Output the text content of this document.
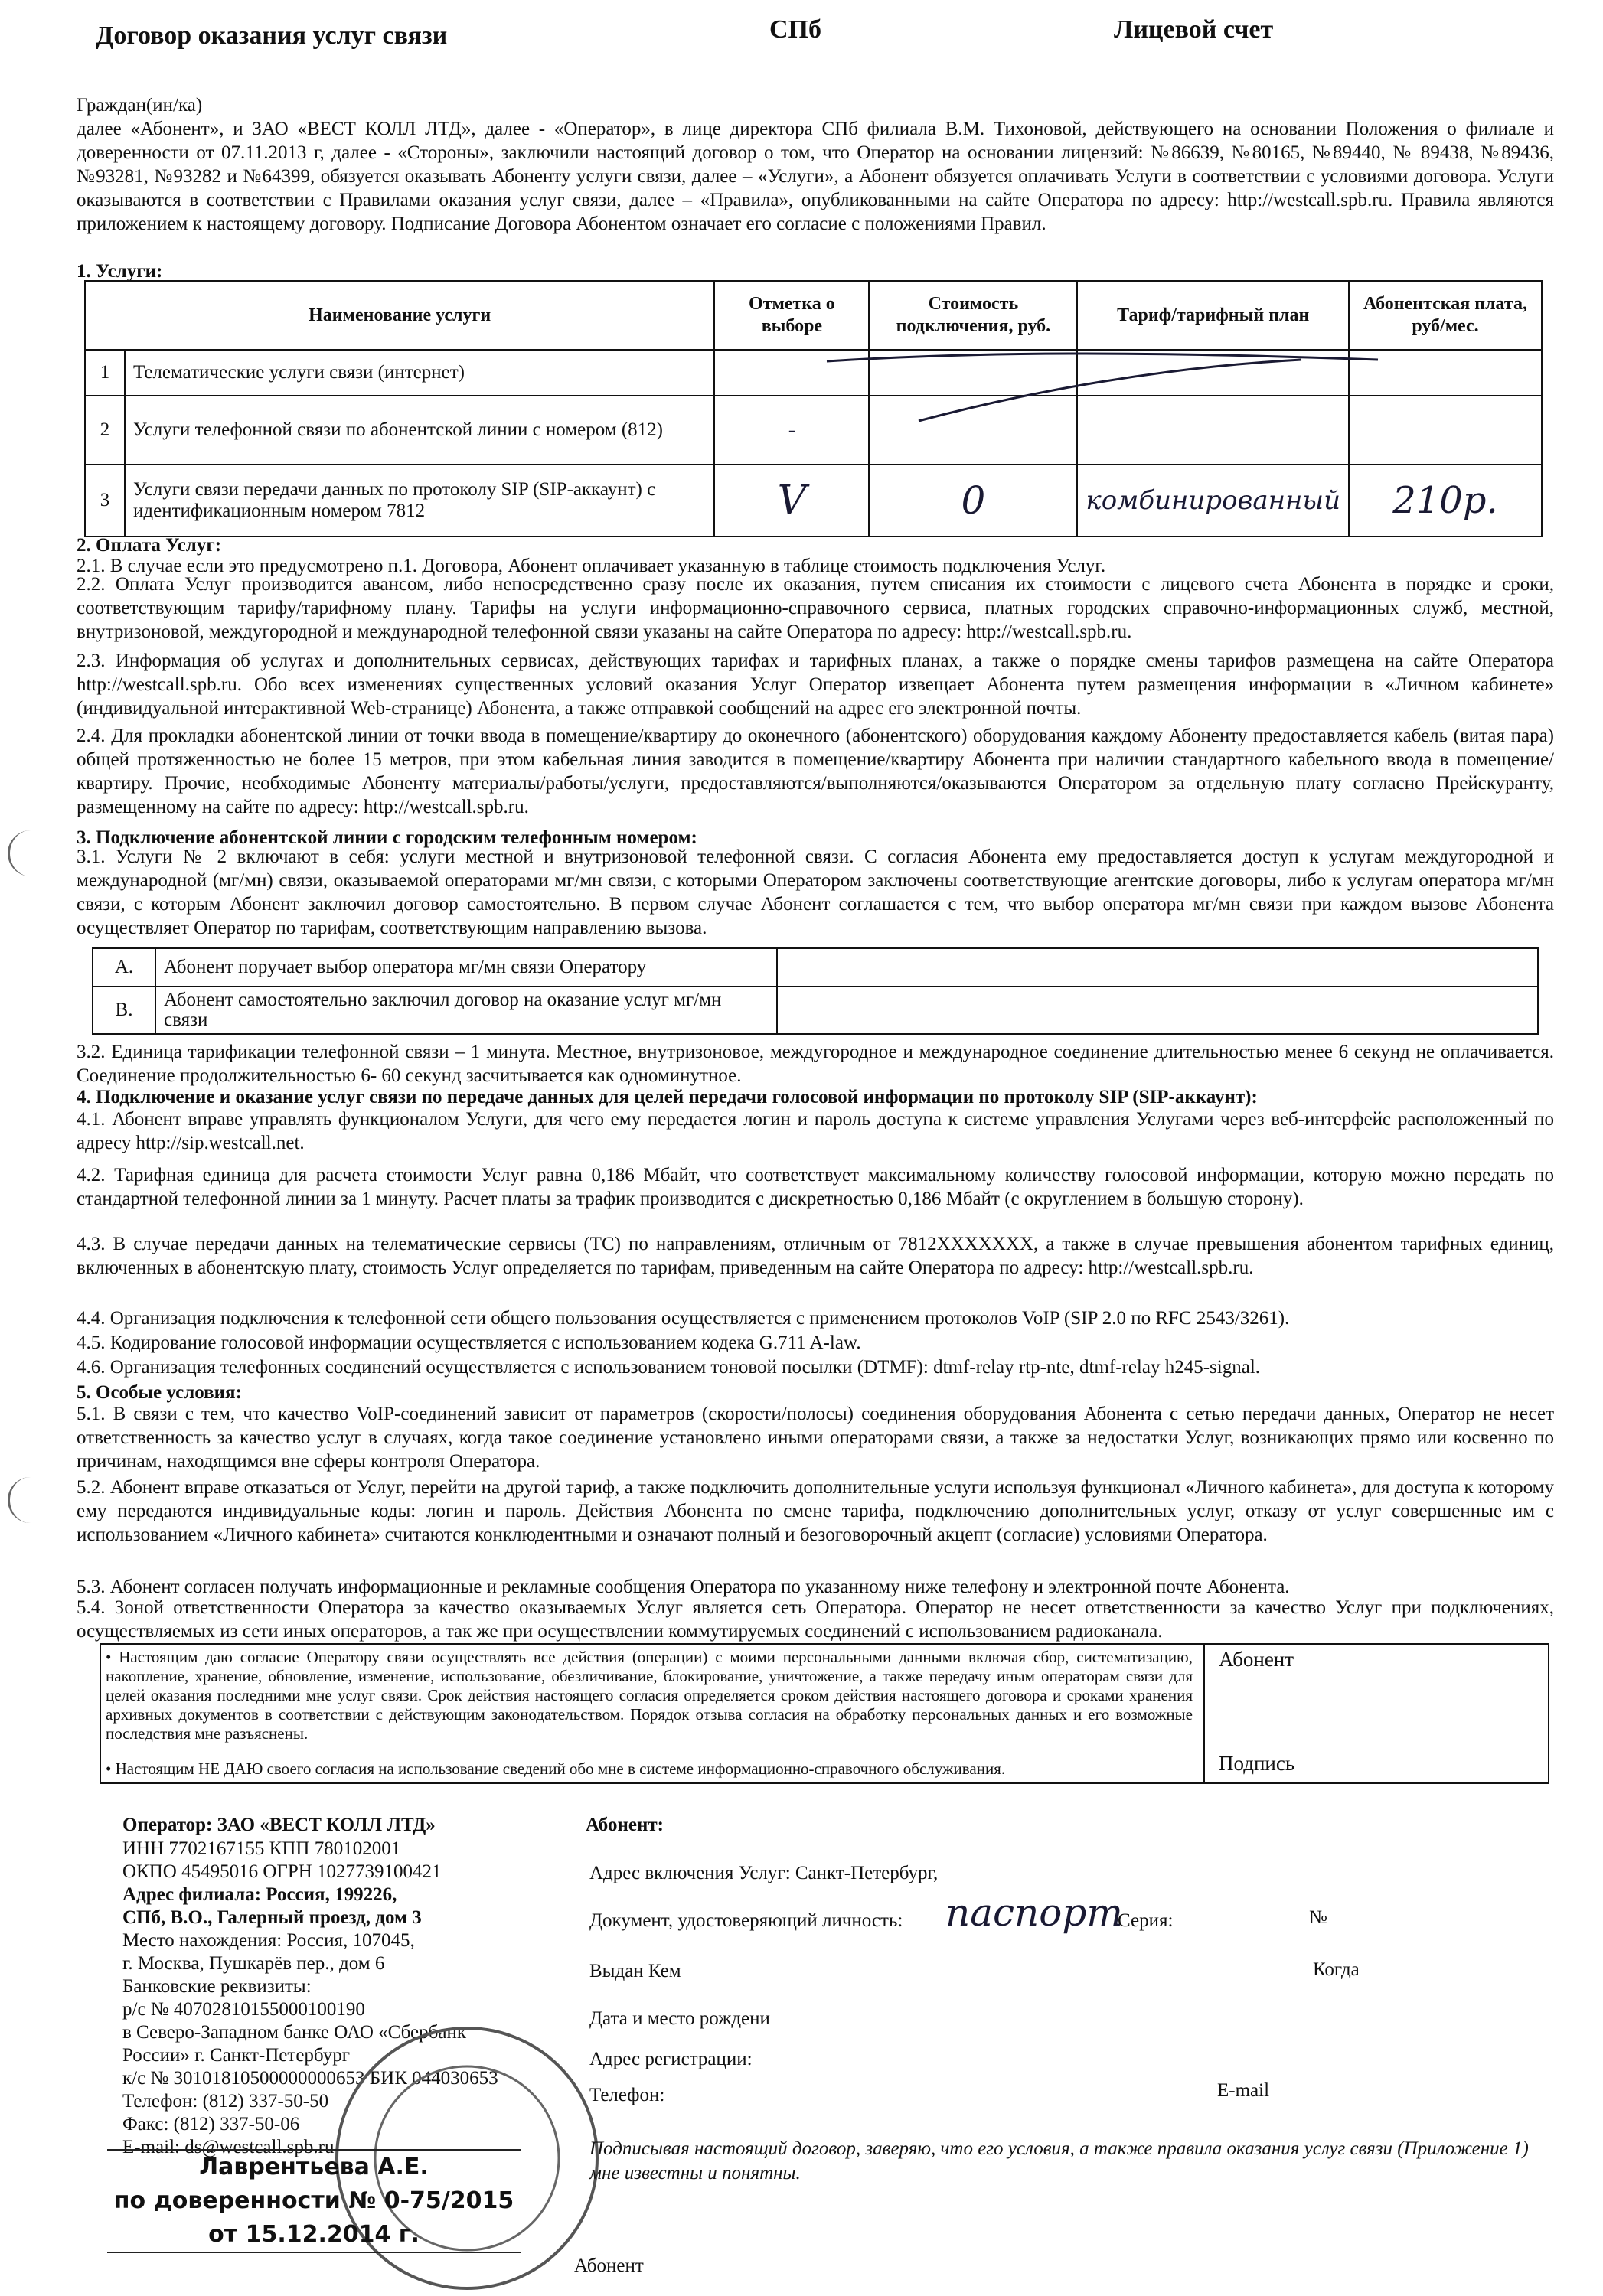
Договор оказания услуг связи	СПб	Лицевой счет
Граждан(ин/ка)
далее «Абонент», и ЗАО «ВЕСТ КОЛЛ ЛТД», далее - «Оператор», в лице директора СПб филиала В.М. Тихоновой, действующего на основании Положения о филиале и доверенности от 07.11.2013 г, далее - «Стороны», заключили настоящий договор о том, что Оператор на основании лицензий: №86639, №80165, №89440, № 89438, №89436, №93281, №93282 и №64399, обязуется оказывать Абоненту услуги связи, далее – «Услуги», а Абонент обязуется оплачивать Услуги в соответствии с условиями договора. Услуги оказываются в соответствии с Правилами оказания услуг связи, далее – «Правила», опубликованными на сайте Оператора по адресу: http://westcall.spb.ru. Правила являются приложением к настоящему договору. Подписание Договора Абонентом означает его согласие с положениями Правил.
1. Услуги:
Наименование услуги		Отметка о выборе	Стоимость подключения, руб.	Тариф/тарифный план	Абонентская плата, руб/мес.
1	Телематические услуги связи (интернет)				
2	Услуги телефонной связи по абонентской линии с номером (812)	-			
3	Услуги связи передачи данных по протоколу SIP (SIP-аккаунт) с идентификационным номером 7812	V	0	комбинированный	210р.
2. Оплата Услуг:
2.1. В случае если это предусмотрено п.1. Договора, Абонент оплачивает указанную в таблице стоимость подключения Услуг.
2.2. Оплата Услуг производится авансом, либо непосредственно сразу после их оказания, путем списания их стоимости с лицевого счета Абонента в порядке и сроки, соответствующим тарифу/тарифному плану. Тарифы на услуги информационно-справочного сервиса, платных городских справочно-информационных служб, местной, внутризоновой, междугородной и международной телефонной связи указаны на сайте Оператора по адресу: http://westcall.spb.ru.
2.3. Информация об услугах и дополнительных сервисах, действующих тарифах и тарифных планах, а также о порядке смены тарифов размещена на сайте Оператора http://westcall.spb.ru. Обо всех изменениях существенных условий оказания Услуг Оператор извещает Абонента путем размещения информации в «Личном кабинете» (индивидуальной интерактивной Web-странице) Абонента, а также отправкой сообщений на адрес его электронной почты.
2.4. Для прокладки абонентской линии от точки ввода в помещение/квартиру до оконечного (абонентского) оборудования каждому Абоненту предоставляется кабель (витая пара) общей протяженностью не более 15 метров, при этом кабельная линия заводится в помещение/квартиру Абонента при наличии стандартного кабельного ввода в помещение/квартиру. Прочие, необходимые Абоненту материалы/работы/услуги, предоставляются/выполняются/оказываются Оператором за отдельную плату согласно Прейскуранту, размещенному на сайте по адресу: http://westcall.spb.ru.
3. Подключение абонентской линии с городским телефонным номером:
3.1. Услуги № 2 включают в себя: услуги местной и внутризоновой телефонной связи. С согласия Абонента ему предоставляется доступ к услугам междугородной и международной (мг/мн) связи, оказываемой операторами мг/мн связи, с которыми Оператором заключены соответствующие агентские договоры, либо к услугам оператора мг/мн связи, с которым Абонент заключил договор самостоятельно. В первом случае Абонент соглашается с тем, что выбор оператора мг/мн связи при каждом вызове Абонента осуществляет Оператор по тарифам, соответствующим направлению вызова.
А.	Абонент поручает выбор оператора мг/мн связи Оператору	
В.	Абонент самостоятельно заключил договор на оказание услуг мг/мн связи	
3.2. Единица тарификации телефонной связи – 1 минута. Местное, внутризоновое, междугородное и международное соединение длительностью менее 6 секунд не оплачивается. Соединение продолжительностью 6- 60 секунд засчитывается как одноминутное.
4. Подключение и оказание услуг связи по передаче данных для целей передачи голосовой информации по протоколу SIP (SIP-аккаунт):
4.1. Абонент вправе управлять функционалом Услуги, для чего ему передается логин и пароль доступа к системе управления Услугами через веб-интерфейс расположенный по адресу http://sip.westcall.net.
4.2. Тарифная единица для расчета стоимости Услуг равна 0,186 Мбайт, что соответствует максимальному количеству голосовой информации, которую можно передать по стандартной телефонной линии за 1 минуту. Расчет платы за трафик производится с дискретностью 0,186 Мбайт (с округлением в большую сторону).
4.3. В случае передачи данных на телематические сервисы (ТС) по направлениям, отличным от 7812XXXXXXX, а также в случае превышения абонентом тарифных единиц, включенных в абонентскую плату, стоимость Услуг определяется по тарифам, приведенным на сайте Оператора по адресу: http://westcall.spb.ru.
4.4. Организация подключения к телефонной сети общего пользования осуществляется с применением протоколов VoIP (SIP 2.0 по RFC 2543/3261).
4.5. Кодирование голосовой информации осуществляется с использованием кодека G.711 A-law.
4.6. Организация телефонных соединений осуществляется с использованием тоновой посылки (DTMF): dtmf-relay rtp-nte, dtmf-relay h245-signal.
5. Особые условия:
5.1. В связи с тем, что качество VoIP-соединений зависит от параметров (скорости/полосы) соединения оборудования Абонента с сетью передачи данных, Оператор не несет ответственность за качество услуг в случаях, когда такое соединение установлено иными операторами связи, а также за недостатки Услуг, возникающих прямо или косвенно по причинам, находящимся вне сферы контроля Оператора.
5.2. Абонент вправе отказаться от Услуг, перейти на другой тариф, а также подключить дополнительные услуги используя функционал «Личного кабинета», для доступа к которому ему передаются индивидуальные коды: логин и пароль. Действия Абонента по смене тарифа, подключению дополнительных услуг, отказу от услуг совершенные им с использованием «Личного кабинета» считаются конклюдентными и означают полный и безоговорочный акцепт (согласие) условиями Оператора.
5.3. Абонент согласен получать информационные и рекламные сообщения Оператора по указанному ниже телефону и электронной почте Абонента.
5.4. Зоной ответственности Оператора за качество оказываемых Услуг является сеть Оператора. Оператор не несет ответственности за качество Услуг при подключениях, осуществляемых из сети иных операторов, а так же при осуществлении коммутируемых соединений с использованием радиоканала.
• Настоящим даю согласие Оператору связи осуществлять все действия (операции) с моими персональными данными включая сбор, систематизацию, накопление, хранение, обновление, изменение, использование, обезличивание, блокирование, уничтожение, а также передачу иным операторам связи для целей оказания последними мне услуг связи. Срок действия настоящего согласия определяется сроком действия настоящего договора и сроками хранения архивных документов в соответствии с действующим законодательством. Порядок отзыва согласия на обработку персональных данных и его возможные последствия мне разъяснены.
• Настоящим НЕ ДАЮ своего согласия на использование сведений обо мне в системе информационно-справочного обслуживания.
Абонент
Подпись
Оператор: ЗАО «ВЕСТ КОЛЛ ЛТД»
ИНН 7702167155 КПП 780102001
ОКПО 45495016 ОГРН 1027739100421
Адрес филиала: Россия, 199226,
СПб, В.О., Галерный проезд, дом 3
Место нахождения: Россия, 107045,
г. Москва, Пушкарёв пер., дом 6
Банковские реквизиты:
р/с № 40702810155000100190
в Северо-Западном банке ОАО «Сбербанк
России» г. Санкт-Петербург
к/с № 30101810500000000653 БИК 044030653
Телефон: (812) 337-50-50
Факс: (812) 337-50-06
E-mail: ds@westcall.spb.ru
Лаврентьева А.Е.
по доверенности № 0-75/2015
от 15.12.2014 г.
Абонент:
Адрес включения Услуг: Санкт-Петербург,
Документ, удостоверяющий личность: паспорт
Серия:	№
Выдан Кем	Когда
Дата и место рождени
Адрес регистрации:
Телефон:	E-mail
Подписывая настоящий договор, заверяю, что его условия, а также правила оказания услуг связи (Приложение 1) мне известны и понятны.
Абонент
